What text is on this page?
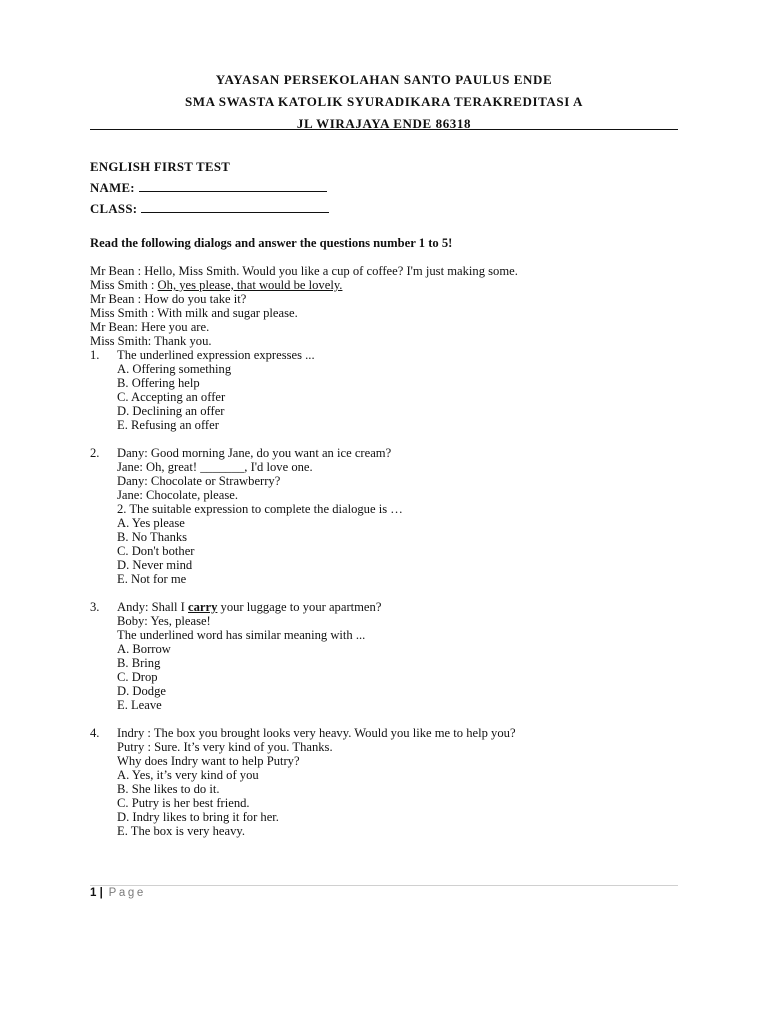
YAYASAN PERSEKOLAHAN SANTO PAULUS ENDE
SMA SWASTA KATOLIK SYURADIKARA TERAKREDITASI A
JL WIRAJAYA ENDE 86318
ENGLISH FIRST TEST
NAME:
CLASS:
Read the following dialogs and answer the questions number 1 to 5!
Mr Bean : Hello, Miss Smith. Would you like a cup of coffee? I'm just making some.
Miss Smith : Oh, yes please, that would be lovely.
Mr Bean : How do you take it?
Miss Smith : With milk and sugar please.
Mr Bean: Here you are.
Miss Smith: Thank you.
1. The underlined expression expresses ...
A. Offering something
B. Offering help
C. Accepting an offer
D. Declining an offer
E. Refusing an offer
2. Dany: Good morning Jane, do you want an ice cream?
Jane: Oh, great! _______, I'd love one.
Dany: Chocolate or Strawberry?
Jane: Chocolate, please.
2. The suitable expression to complete the dialogue is …
A. Yes please
B. No Thanks
C. Don't bother
D. Never mind
E. Not for me
3. Andy: Shall I carry your luggage to your apartmen?
Boby: Yes, please!
The underlined word has similar meaning with ...
A. Borrow
B. Bring
C. Drop
D. Dodge
E. Leave
4. Indry : The box you brought looks very heavy. Would you like me to help you?
Putry : Sure. It’s very kind of you. Thanks.
Why does Indry want to help Putry?
A. Yes, it’s very kind of you
B. She likes to do it.
C. Putry is her best friend.
D. Indry likes to bring it for her.
E. The box is very heavy.
1 | Page
